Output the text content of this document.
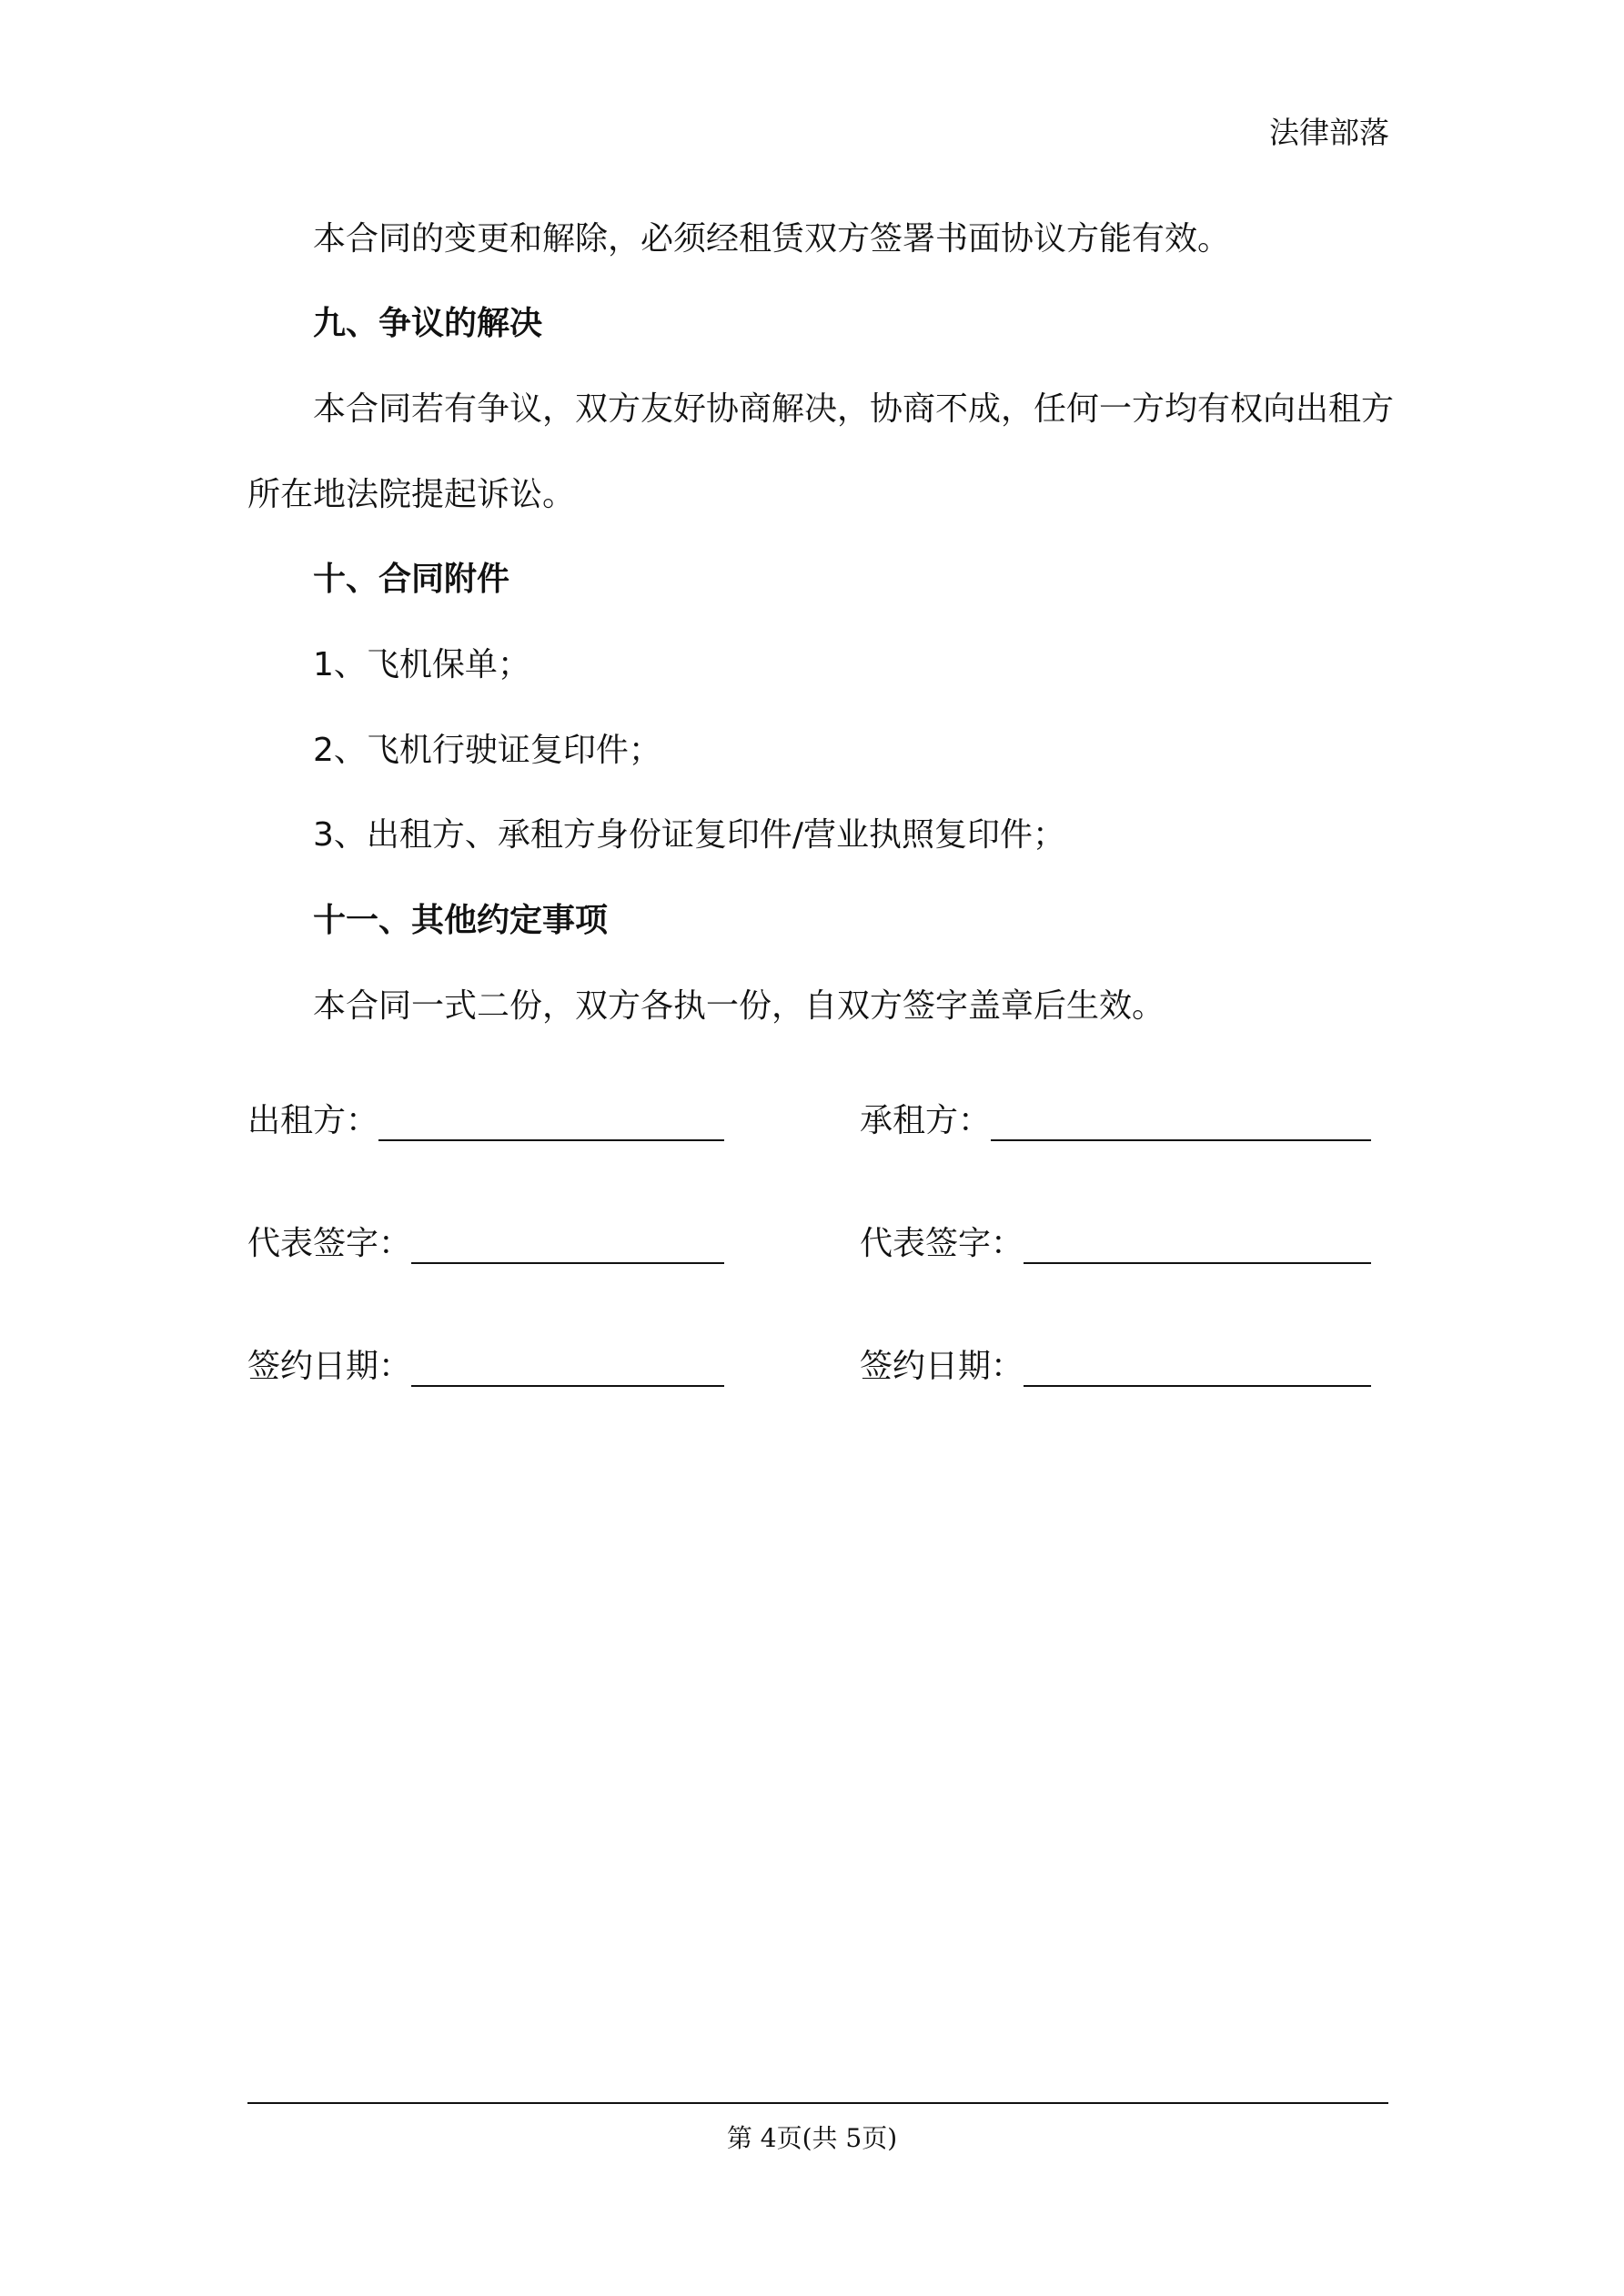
法律部落
本合同的变更和解除，必须经租赁双方签署书面协议方能有效。
九、争议的解决
本合同若有争议，双方友好协商解决，协商不成，任何一方均有权向出租方
所在地法院提起诉讼。
十、合同附件
1、飞机保单；
2、飞机行驶证复印件；
3、出租方、承租方身份证复印件/营业执照复印件；
十一、其他约定事项
本合同一式二份，双方各执一份，自双方签字盖章后生效。
出租方：	承租方：
代表签字：	代表签字：
签约日期：	签约日期：
第 4页(共 5页)
